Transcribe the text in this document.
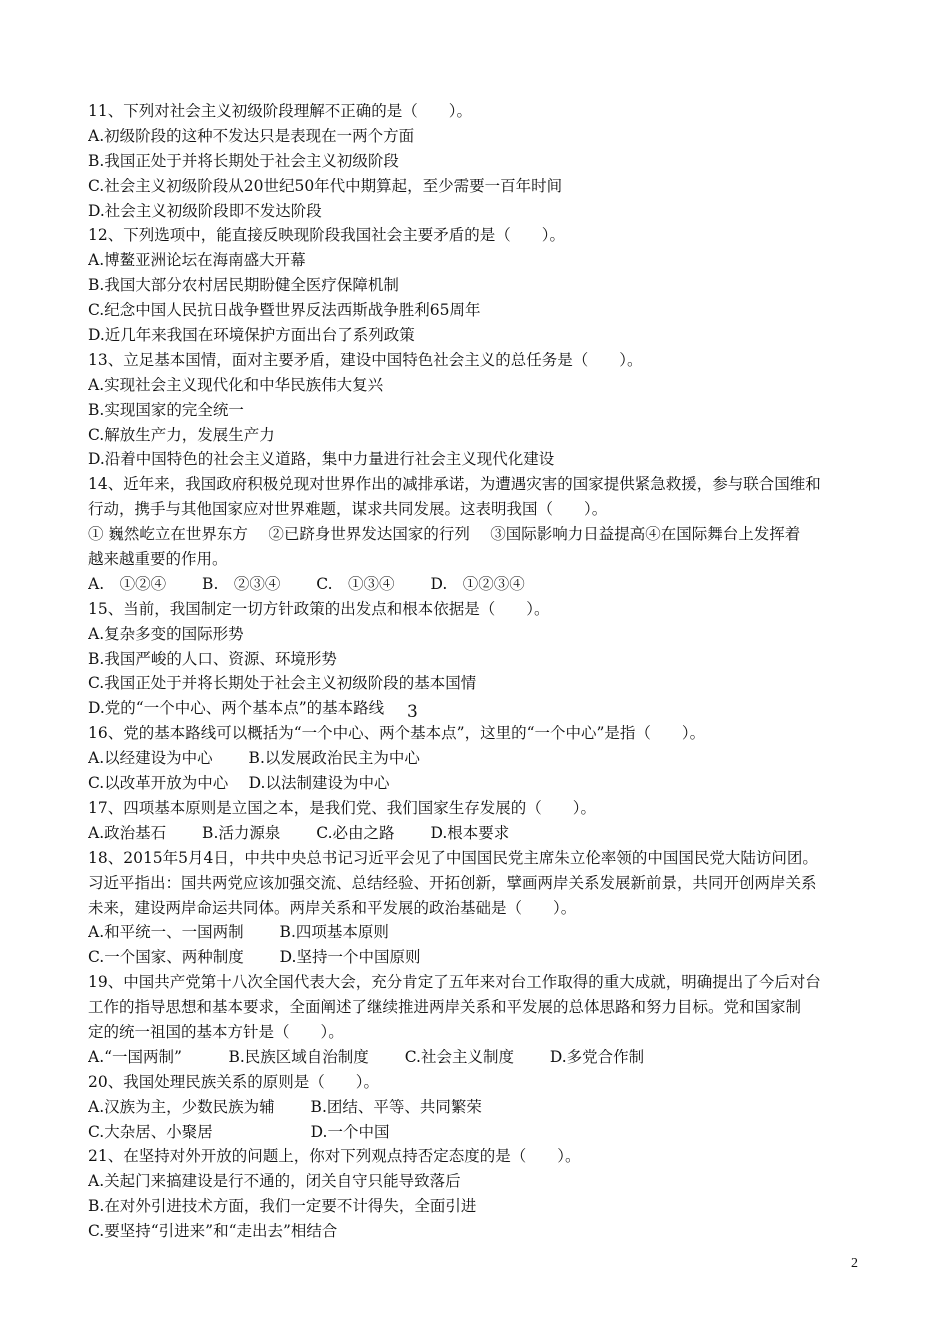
11、下列对社会主义初级阶段理解不正确的是（　　）。
A.初级阶段的这种不发达只是表现在一两个方面
B.我国正处于并将长期处于社会主义初级阶段
C.社会主义初级阶段从20世纪50年代中期算起，至少需要一百年时间
D.社会主义初级阶段即不发达阶段
12、下列选项中，能直接反映现阶段我国社会主要矛盾的是（　　）。
A.博鳌亚洲论坛在海南盛大开幕
B.我国大部分农村居民期盼健全医疗保障机制
C.纪念中国人民抗日战争暨世界反法西斯战争胜利65周年
D.近几年来我国在环境保护方面出台了系列政策
13、立足基本国情，面对主要矛盾，建设中国特色社会主义的总任务是（　　）。
A.实现社会主义现代化和中华民族伟大复兴
B.实现国家的完全统一
C.解放生产力，发展生产力
D.沿着中国特色的社会主义道路，集中力量进行社会主义现代化建设
14、近年来，我国政府积极兑现对世界作出的减排承诺，为遭遇灾害的国家提供紧急救援，参与联合国维和
行动，携手与其他国家应对世界难题，谋求共同发展。这表明我国（　　）。
① 巍然屹立在世界东方　 ②已跻身世界发达国家的行列　 ③国际影响力日益提高④在国际舞台上发挥着
越来越重要的作用。
A.　①②④　　 B.　②③④　　 C.　①③④　　 D.　①②③④
15、当前，我国制定一切方针政策的出发点和根本依据是（　　）。
A.复杂多变的国际形势
B.我国严峻的人口、资源、环境形势
C.我国正处于并将长期处于社会主义初级阶段的基本国情
D.党的“一个中心、两个基本点”的基本路线
16、党的基本路线可以概括为“一个中心、两个基本点”，这里的“一个中心”是指（　　）。
A.以经建设为中心　　 B.以发展政治民主为中心
C.以改革开放为中心　 D.以法制建设为中心
17、四项基本原则是立国之本，是我们党、我们国家生存发展的（　　）。
A.政治基石　　 B.活力源泉　　 C.必由之路　　 D.根本要求
18、2015年5月4日，中共中央总书记习近平会见了中国国民党主席朱立伦率领的中国国民党大陆访问团。
习近平指出：国共两党应该加强交流、总结经验、开拓创新，擘画两岸关系发展新前景，共同开创两岸关系
未来，建设两岸命运共同体。两岸关系和平发展的政治基础是（　　）。
A.和平统一、一国两制　　 B.四项基本原则
C.一个国家、两种制度　　 D.坚持一个中国原则
19、中国共产党第十八次全国代表大会，充分肯定了五年来对台工作取得的重大成就，明确提出了今后对台
工作的指导思想和基本要求，全面阐述了继续推进两岸关系和平发展的总体思路和努力目标。党和国家制
定的统一祖国的基本方针是（　　）。
A.“一国两制”　　　B.民族区域自治制度　　 C.社会主义制度　　 D.多党合作制
20、我国处理民族关系的原则是（　　）。
A.汉族为主，少数民族为辅　　 B.团结、平等、共同繁荣
C.大杂居、小聚居　　　　　　 D.一个中国
21、在坚持对外开放的问题上，你对下列观点持否定态度的是（　　）。
A.关起门来搞建设是行不通的，闭关自守只能导致落后
B.在对外引进技术方面，我们一定要不计得失，全面引进
C.要坚持“引进来”和“走出去”相结合
3
2
